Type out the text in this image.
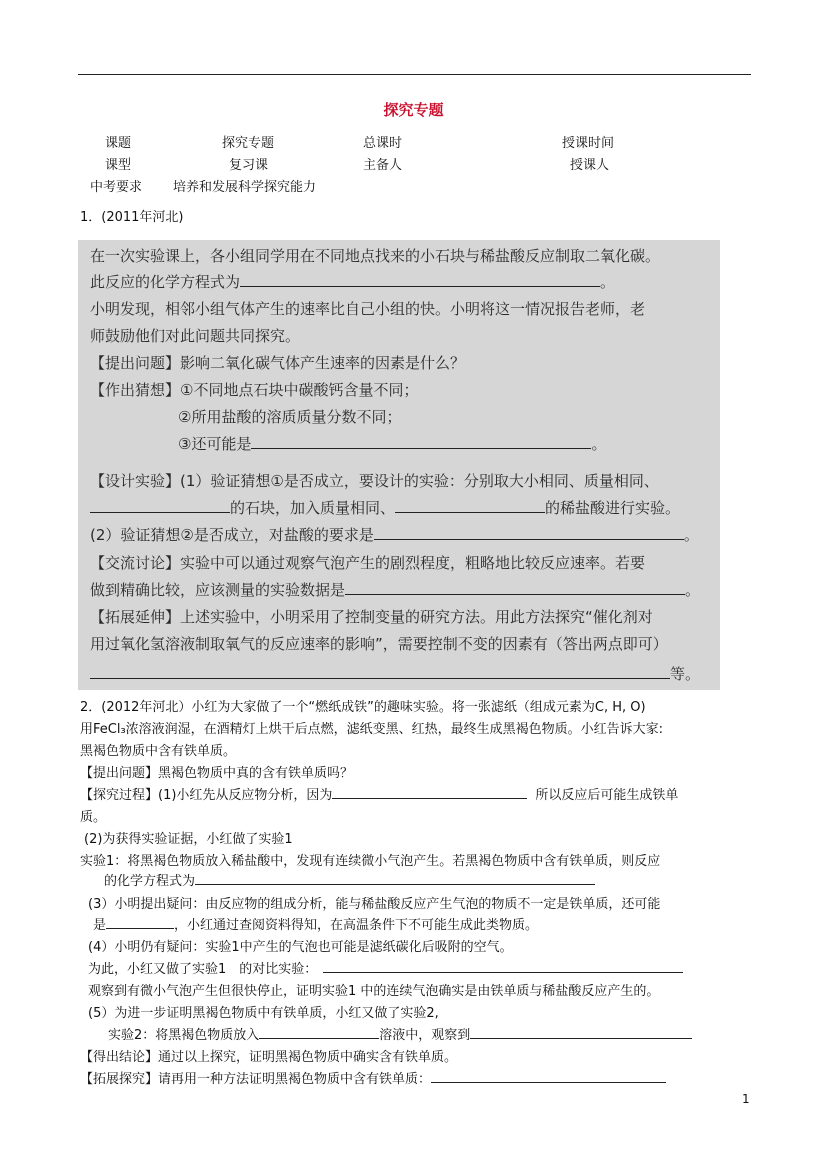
探究专题
课题	探究专题	总课时	授课时间
课型	复习课	主备人	授课人
中考要求 培养和发展科学探究能力
1．(2011年河北)
在一次实验课上，各小组同学用在不同地点找来的小石块与稀盐酸反应制取二氧化碳。
此反应的化学方程式为	。
小明发现，相邻小组气体产生的速率比自己小组的快。小明将这一情况报告老师，老
师鼓励他们对此问题共同探究。
【提出问题】影响二氧化碳气体产生速率的因素是什么？
【作出猜想】①不同地点石块中碳酸钙含量不同；
②所用盐酸的溶质质量分数不同；
③还可能是	。
【设计实验】(1）验证猜想①是否成立，要设计的实验：分别取大小相同、质量相同、
的石块，加入质量相同、	的稀盐酸进行实验。
(2）验证猜想②是否成立，对盐酸的要求是	。
【交流讨论】实验中可以通过观察气泡产生的剧烈程度，粗略地比较反应速率。若要
做到精确比较，应该测量的实验数据是	。
【拓展延伸】上述实验中，小明采用了控制变量的研究方法。用此方法探究“催化剂对
用过氧化氢溶液制取氧气的反应速率的影响”，需要控制不变的因素有（答出两点即可）
等。
2．(2012年河北）小红为大家做了一个“燃纸成铁”的趣味实验。将一张滤纸（组成元素为C, H, O)
用FeCl₃浓溶液润湿，在酒精灯上烘干后点燃，滤纸变黑、红热，最终生成黑褐色物质。小红告诉大家:
黑褐色物质中含有铁单质。
【提出问题】黑褐色物质中真的含有铁单质吗？
【探究过程】(1)小红先从反应物分析，因为	所以反应后可能生成铁单
质。
(2)为获得实验证据，小红做了实验1
实验1：将黑褐色物质放入稀盐酸中，发现有连续微小气泡产生。若黑褐色物质中含有铁单质，则反应
的化学方程式为
(3）小明提出疑问：由反应物的组成分析，能与稀盐酸反应产生气泡的物质不一定是铁单质，还可能
是	，小红通过查阅资料得知，在高温条件下不可能生成此类物质。
(4）小明仍有疑问：实验1中产生的气泡也可能是滤纸碳化后吸附的空气。
为此，小红又做了实验1　的对比实验：
观察到有微小气泡产生但很快停止，证明实验1 中的连续气泡确实是由铁单质与稀盐酸反应产生的。
(5）为进一步证明黑褐色物质中有铁单质，小红又做了实验2,
实验2：将黑褐色物质放入	溶液中，观察到
【得出结论】通过以上探究，证明黑褐色物质中确实含有铁单质。
【拓展探究】请再用一种方法证明黑褐色物质中含有铁单质：
1
